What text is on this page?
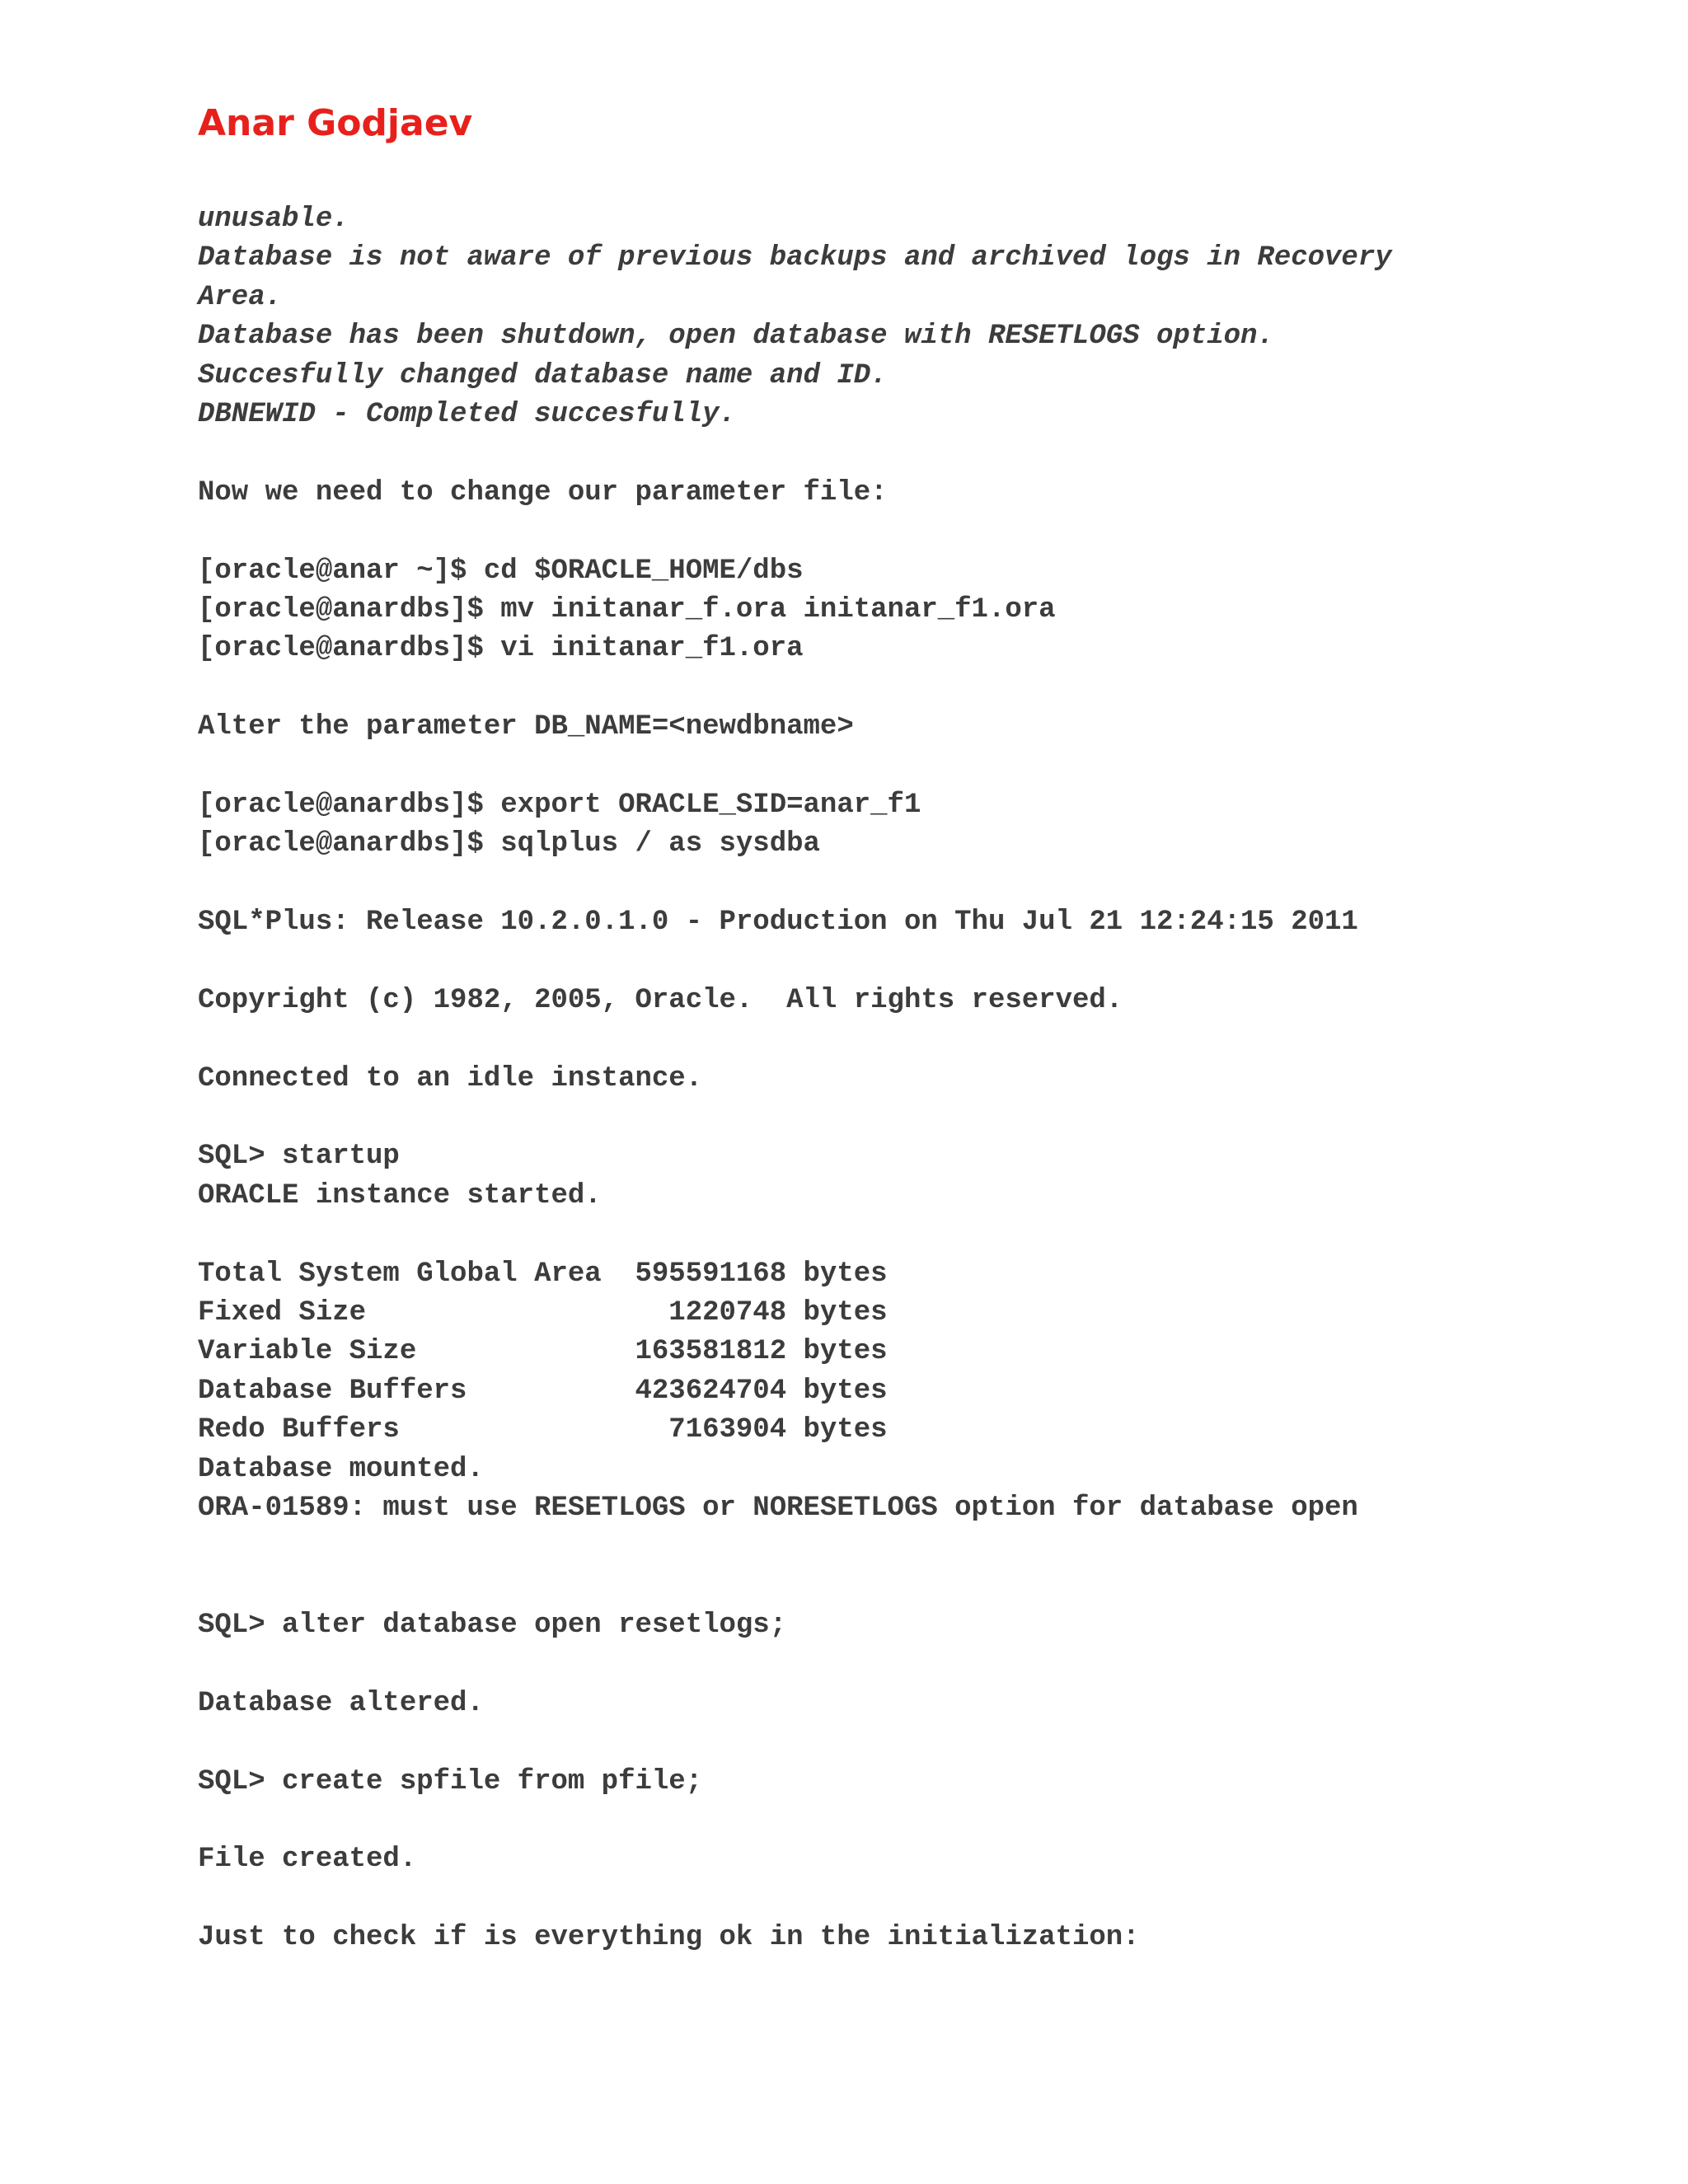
Anar Godjaev
unusable.
Database is not aware of previous backups and archived logs in Recovery
Area.
Database has been shutdown, open database with RESETLOGS option.
Succesfully changed database name and ID.
DBNEWID - Completed succesfully.
Now we need to change our parameter file:
[oracle@anar ~]$ cd $ORACLE_HOME/dbs
[oracle@anardbs]$ mv initanar_f.ora initanar_f1.ora
[oracle@anardbs]$ vi initanar_f1.ora
Alter the parameter DB_NAME=<newdbname>
[oracle@anardbs]$ export ORACLE_SID=anar_f1
[oracle@anardbs]$ sqlplus / as sysdba
SQL*Plus: Release 10.2.0.1.0 - Production on Thu Jul 21 12:24:15 2011
Copyright (c) 1982, 2005, Oracle.  All rights reserved.
Connected to an idle instance.
SQL> startup
ORACLE instance started.
Total System Global Area  595591168 bytes
Fixed Size                  1220748 bytes
Variable Size             163581812 bytes
Database Buffers          423624704 bytes
Redo Buffers                7163904 bytes
Database mounted.
ORA-01589: must use RESETLOGS or NORESETLOGS option for database open
SQL> alter database open resetlogs;
Database altered.
SQL> create spfile from pfile;
File created.
Just to check if is everything ok in the initialization:
